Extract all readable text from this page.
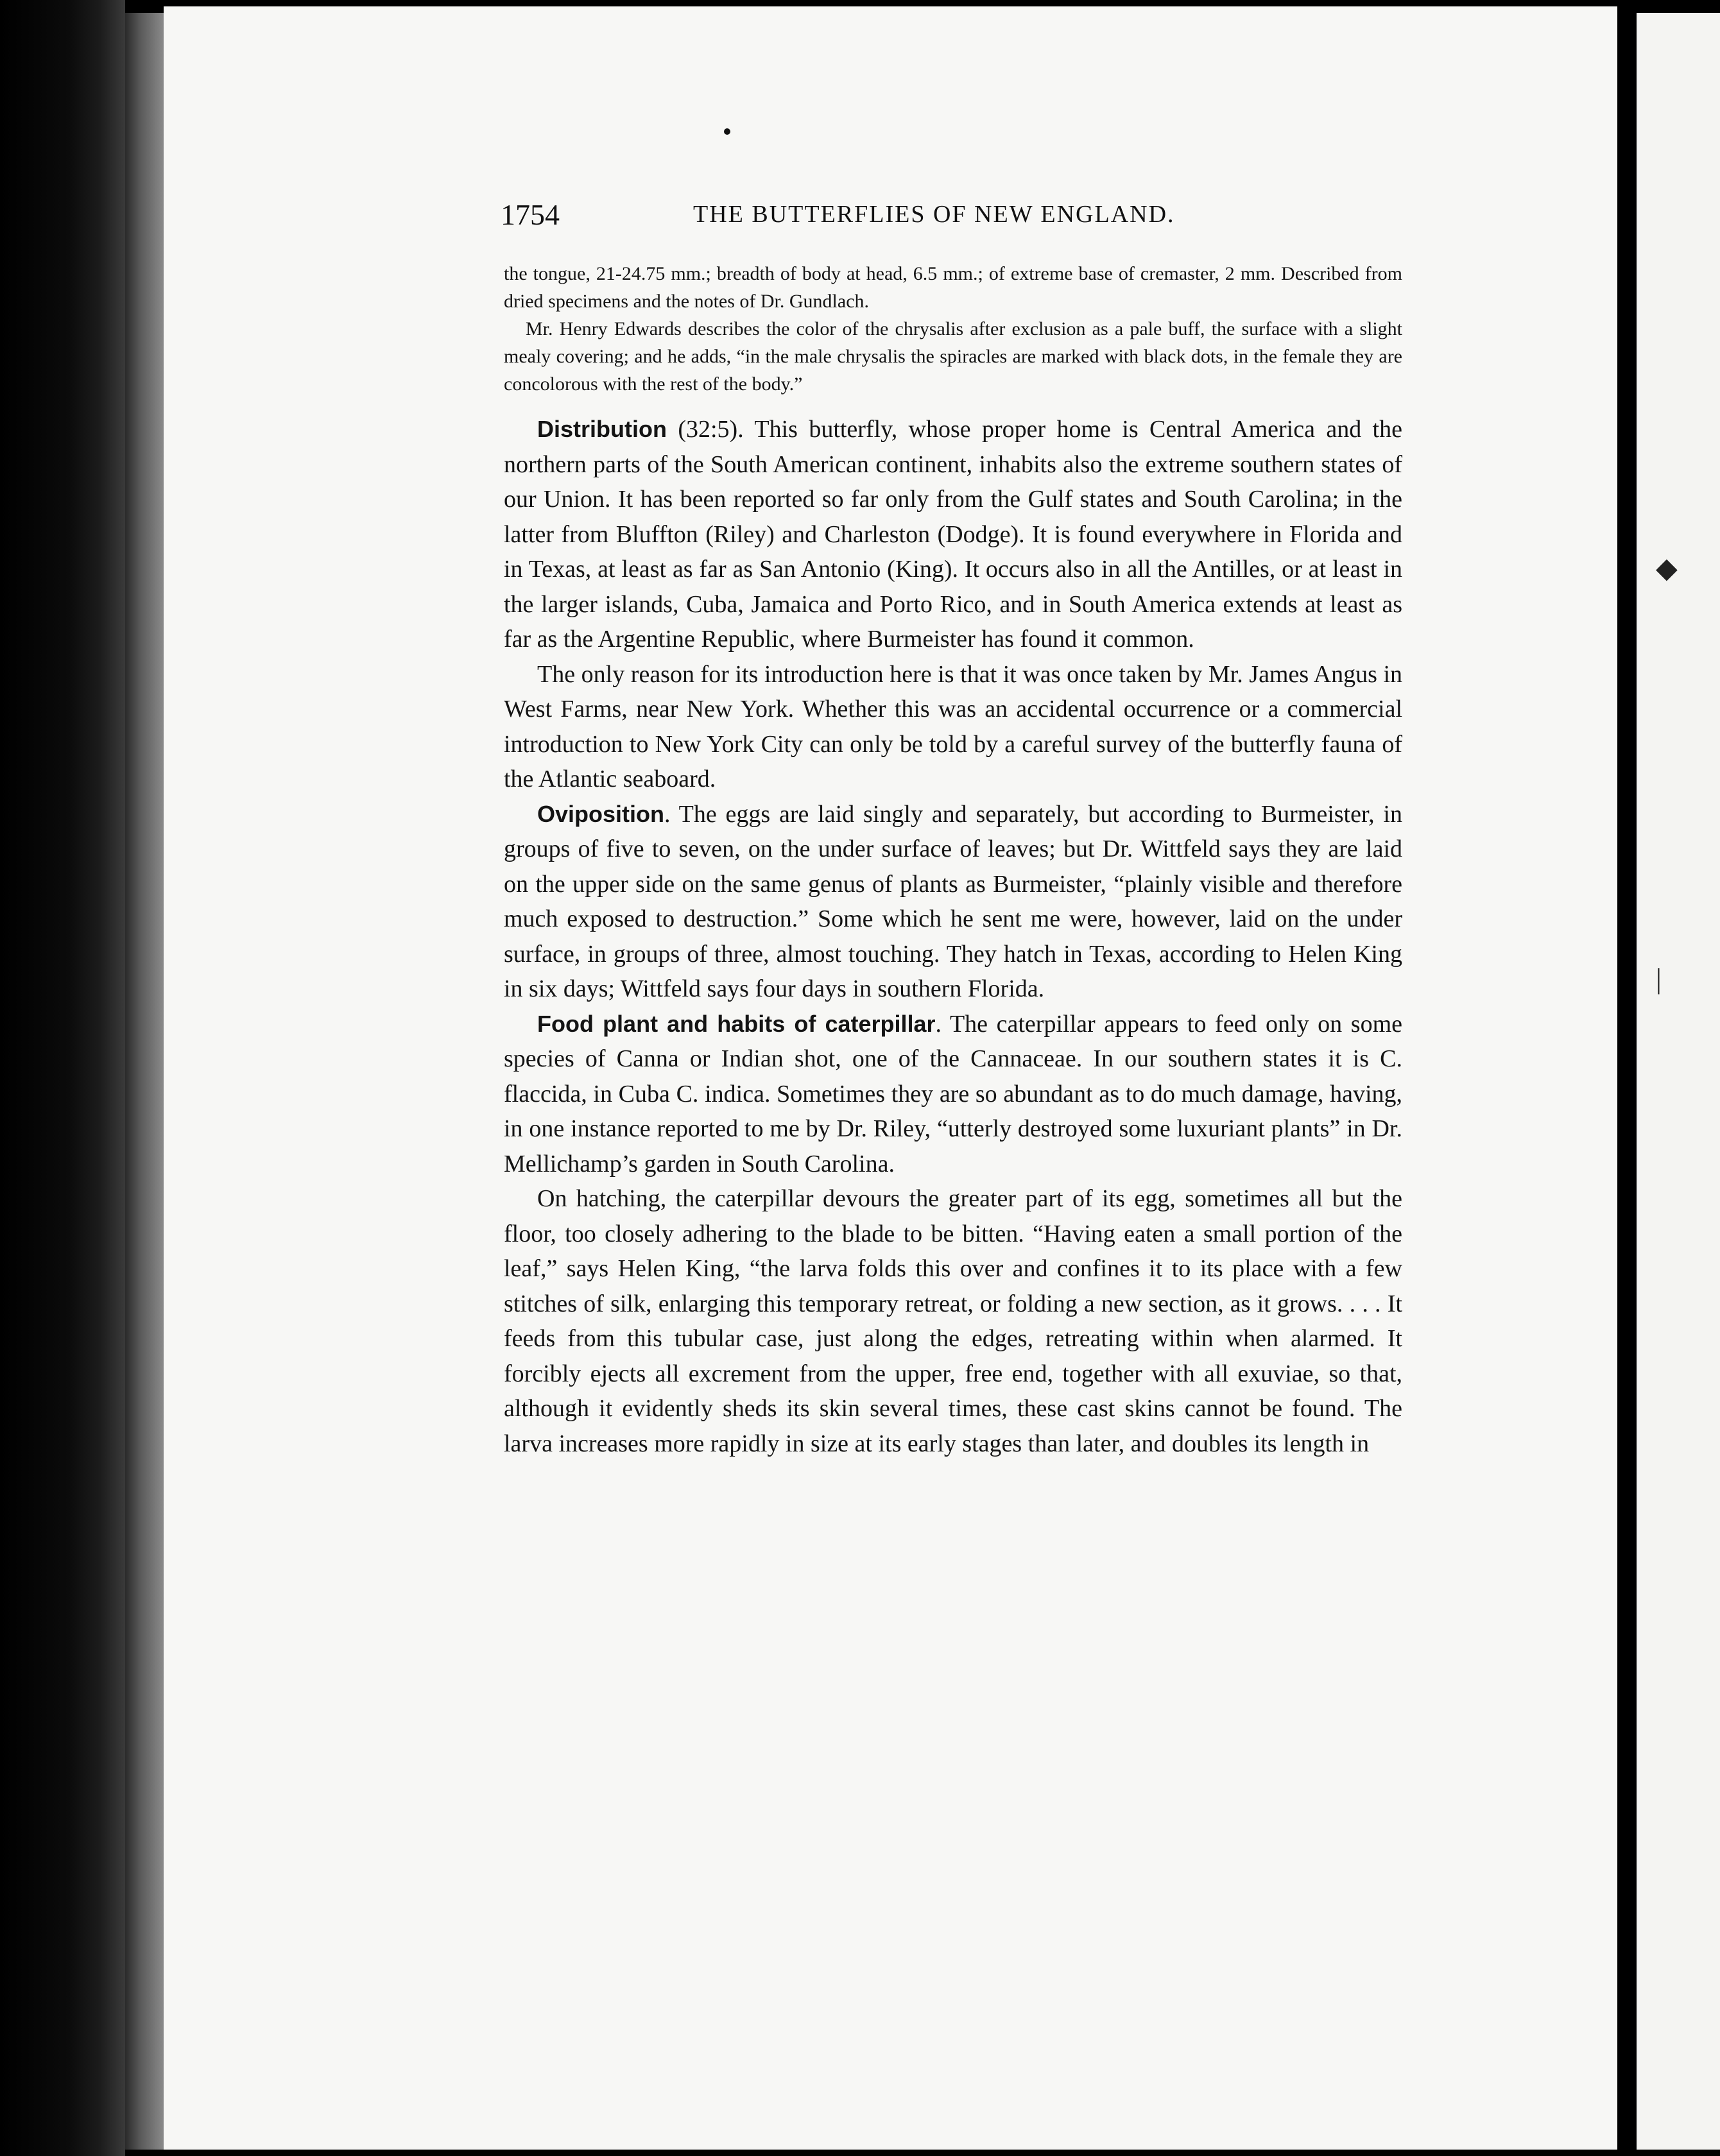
◆
|
1754	THE BUTTERFLIES OF NEW ENGLAND.

the tongue, 21-24.75 mm.; breadth of body at head, 6.5 mm.; of extreme base of cremaster, 2 mm. Described from dried specimens and the notes of Dr. Gundlach.

Mr. Henry Edwards describes the color of the chrysalis after exclusion as a pale buff, the surface with a slight mealy covering; and he adds, “in the male chrysalis the spiracles are marked with black dots, in the female they are concolorous with the rest of the body.”

Distribution (32:5). This butterfly, whose proper home is Central America and the northern parts of the South American continent, inhabits also the extreme southern states of our Union. It has been reported so far only from the Gulf states and South Carolina; in the latter from Bluffton (Riley) and Charleston (Dodge). It is found everywhere in Florida and in Texas, at least as far as San Antonio (King). It occurs also in all the Antilles, or at least in the larger islands, Cuba, Jamaica and Porto Rico, and in South America extends at least as far as the Argentine Republic, where Burmeister has found it common.

The only reason for its introduction here is that it was once taken by Mr. James Angus in West Farms, near New York. Whether this was an accidental occurrence or a commercial introduction to New York City can only be told by a careful survey of the butterfly fauna of the Atlantic seaboard.

Oviposition. The eggs are laid singly and separately, but according to Burmeister, in groups of five to seven, on the under surface of leaves; but Dr. Wittfeld says they are laid on the upper side on the same genus of plants as Burmeister, “plainly visible and therefore much exposed to destruction.” Some which he sent me were, however, laid on the under surface, in groups of three, almost touching. They hatch in Texas, according to Helen King in six days; Wittfeld says four days in southern Florida.

Food plant and habits of caterpillar. The caterpillar appears to feed only on some species of Canna or Indian shot, one of the Cannaceae. In our southern states it is C. flaccida, in Cuba C. indica. Sometimes they are so abundant as to do much damage, having, in one instance reported to me by Dr. Riley, “utterly destroyed some luxuriant plants” in Dr. Mellichamp’s garden in South Carolina.

On hatching, the caterpillar devours the greater part of its egg, sometimes all but the floor, too closely adhering to the blade to be bitten. “Having eaten a small portion of the leaf,” says Helen King, “the larva folds this over and confines it to its place with a few stitches of silk, enlarging this temporary retreat, or folding a new section, as it grows. . . . It feeds from this tubular case, just along the edges, retreating within when alarmed. It forcibly ejects all excrement from the upper, free end, together with all exuviae, so that, although it evidently sheds its skin several times, these cast skins cannot be found. The larva increases more rapidly in size at its early stages than later, and doubles its length in
